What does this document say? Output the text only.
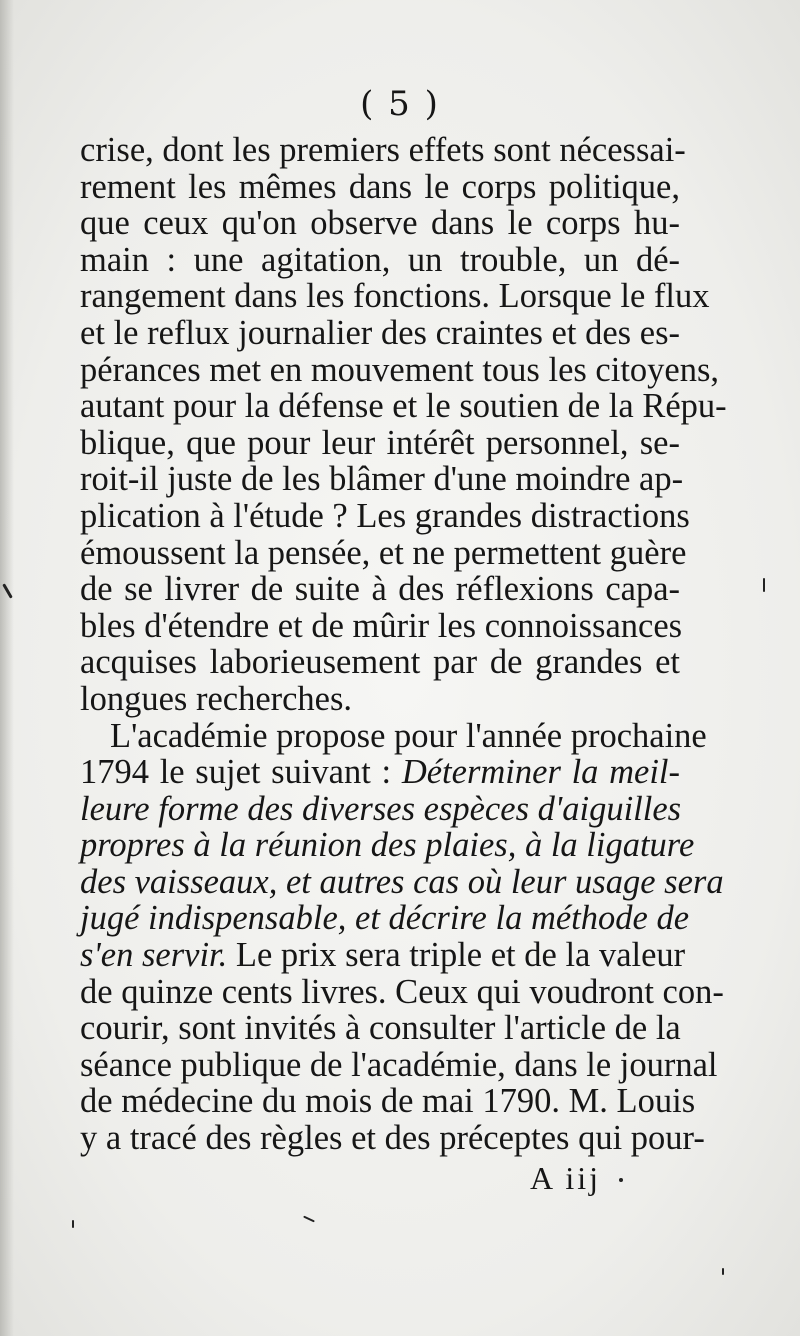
( 5 )
crise, dont les premiers effets sont nécessai-
rement les mêmes dans le corps politique,
que ceux qu'on observe dans le corps hu-
main : une agitation, un trouble, un dé-
rangement dans les fonctions. Lorsque le flux
et le reflux journalier des craintes et des es-
pérances met en mouvement tous les citoyens,
autant pour la défense et le soutien de la Répu-
blique, que pour leur intérêt personnel, se-
roit-il juste de les blâmer d'une moindre ap-
plication à l'étude ? Les grandes distractions
émoussent la pensée, et ne permettent guère
de se livrer de suite à des réflexions capa-
bles d'étendre et de mûrir les connoissances
acquises laborieusement par de grandes et
longues recherches.
L'académie propose pour l'année prochaine
1794 le sujet suivant : Déterminer la meil-
leure forme des diverses espèces d'aiguilles
propres à la réunion des plaies, à la ligature
des vaisseaux, et autres cas où leur usage sera
jugé indispensable, et décrire la méthode de
s'en servir. Le prix sera triple et de la valeur
de quinze cents livres. Ceux qui voudront con-
courir, sont invités à consulter l'article de la
séance publique de l'académie, dans le journal
de médecine du mois de mai 1790. M. Louis
y a tracé des règles et des préceptes qui pour-
A iij
